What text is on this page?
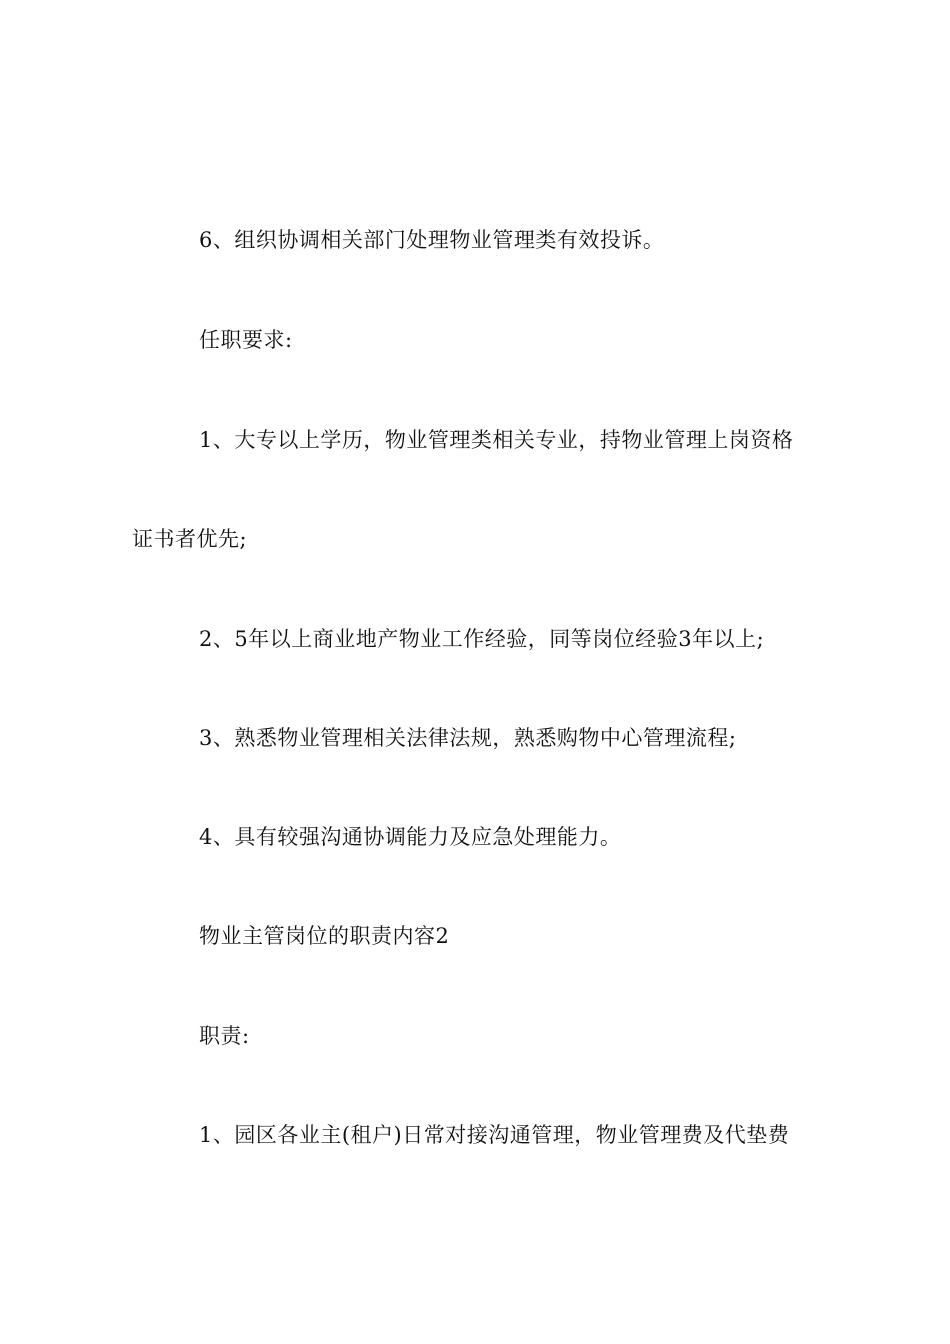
6、组织协调相关部门处理物业管理类有效投诉。
任职要求:
1、大专以上学历，物业管理类相关专业，持物业管理上岗资格
证书者优先;
2、5年以上商业地产物业工作经验，同等岗位经验3年以上;
3、熟悉物业管理相关法律法规，熟悉购物中心管理流程;
4、具有较强沟通协调能力及应急处理能力。
物业主管岗位的职责内容2
职责:
1、园区各业主(租户)日常对接沟通管理，物业管理费及代垫费
